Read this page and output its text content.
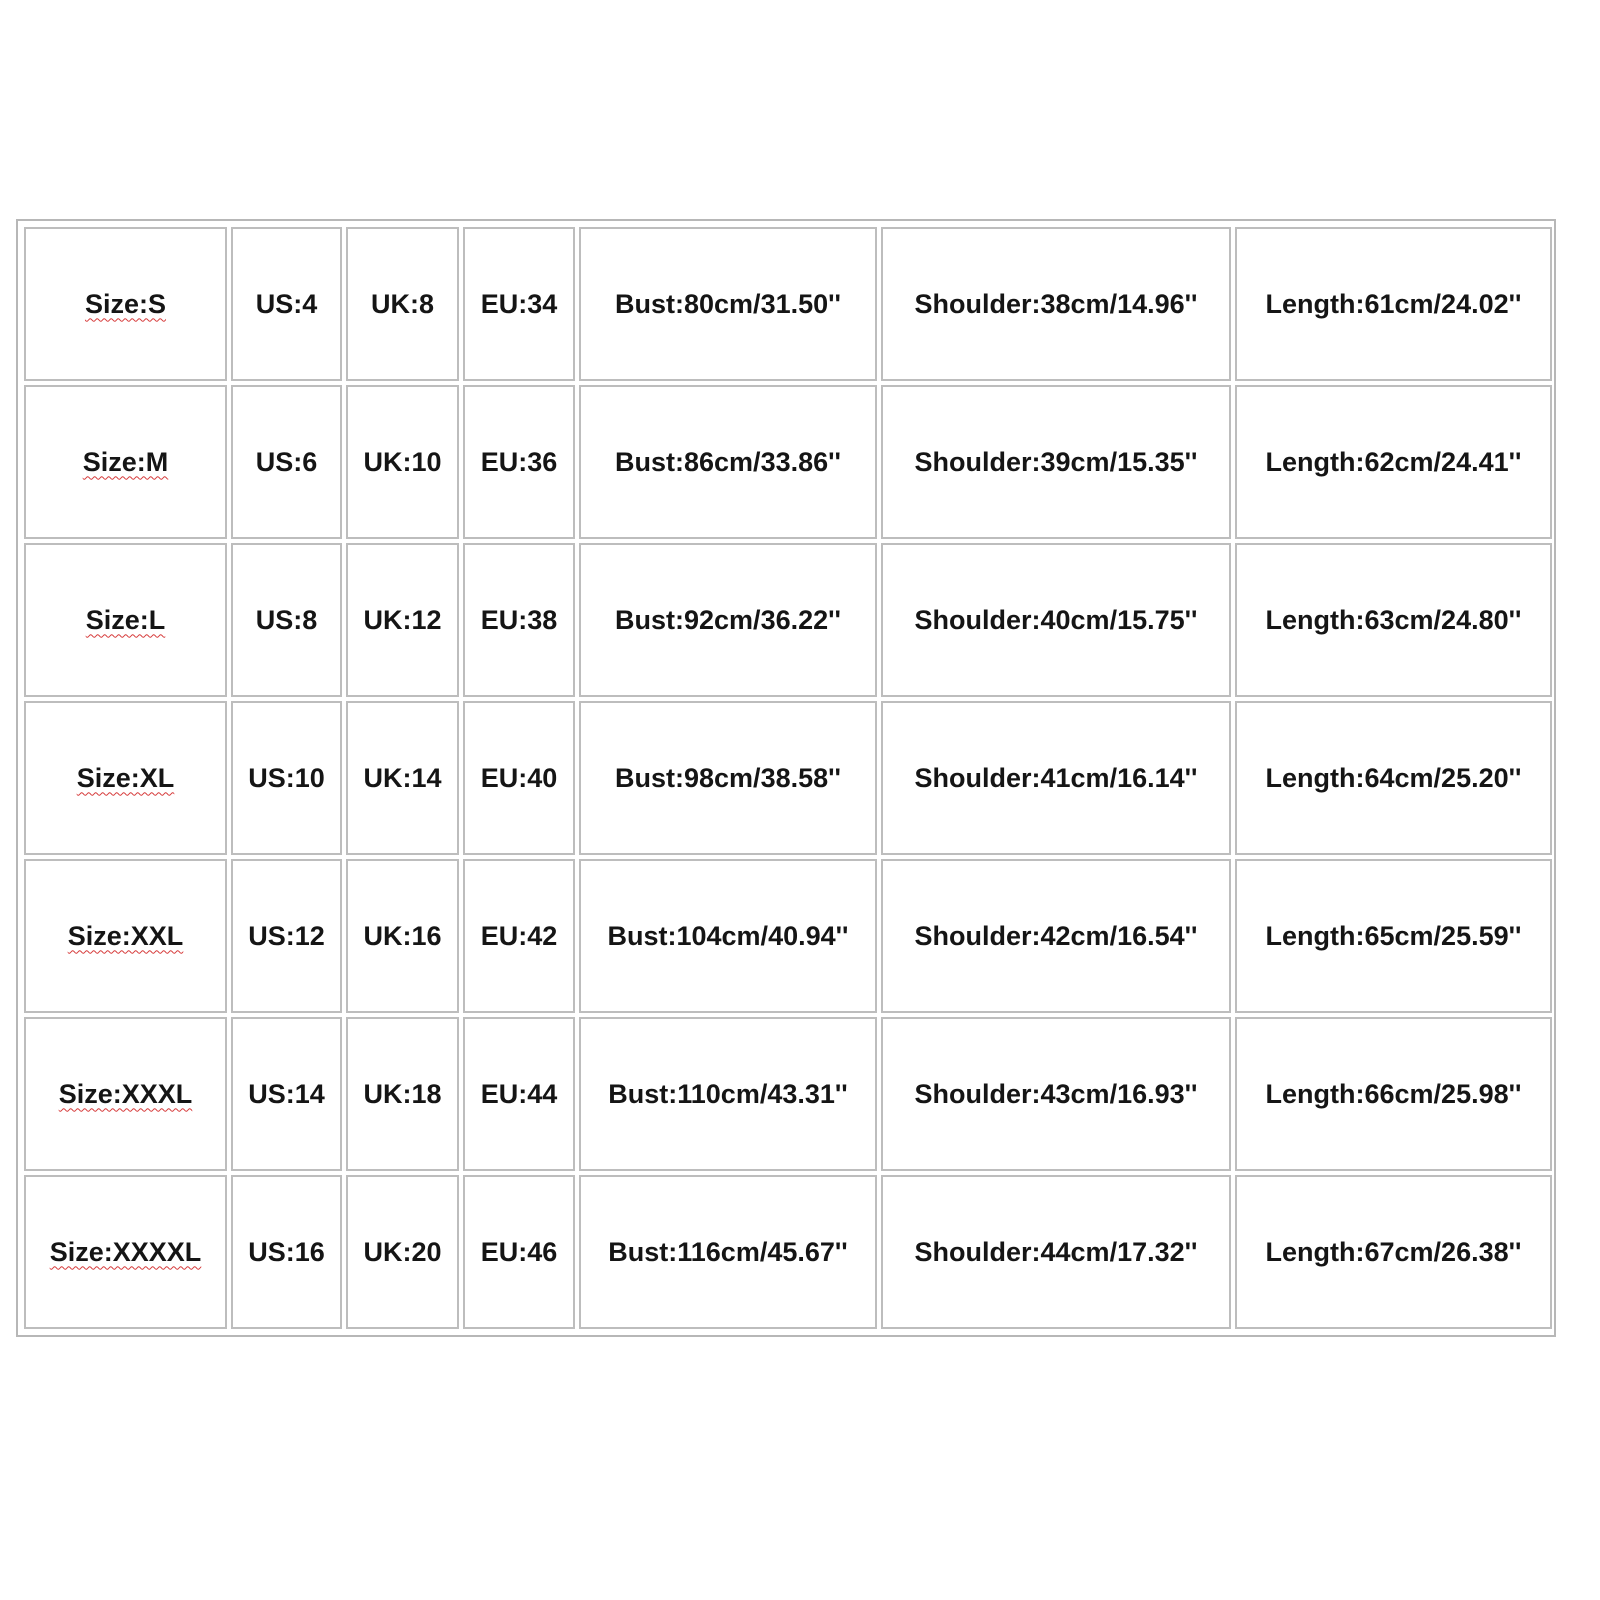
Size:S	US:4	UK:8	EU:34	Bust:80cm/31.50''	Shoulder:38cm/14.96''	Length:61cm/24.02''
Size:M	US:6	UK:10	EU:36	Bust:86cm/33.86''	Shoulder:39cm/15.35''	Length:62cm/24.41''
Size:L	US:8	UK:12	EU:38	Bust:92cm/36.22''	Shoulder:40cm/15.75''	Length:63cm/24.80''
Size:XL	US:10	UK:14	EU:40	Bust:98cm/38.58''	Shoulder:41cm/16.14''	Length:64cm/25.20''
Size:XXL	US:12	UK:16	EU:42	Bust:104cm/40.94''	Shoulder:42cm/16.54''	Length:65cm/25.59''
Size:XXXL	US:14	UK:18	EU:44	Bust:110cm/43.31''	Shoulder:43cm/16.93''	Length:66cm/25.98''
Size:XXXXL	US:16	UK:20	EU:46	Bust:116cm/45.67''	Shoulder:44cm/17.32''	Length:67cm/26.38''
